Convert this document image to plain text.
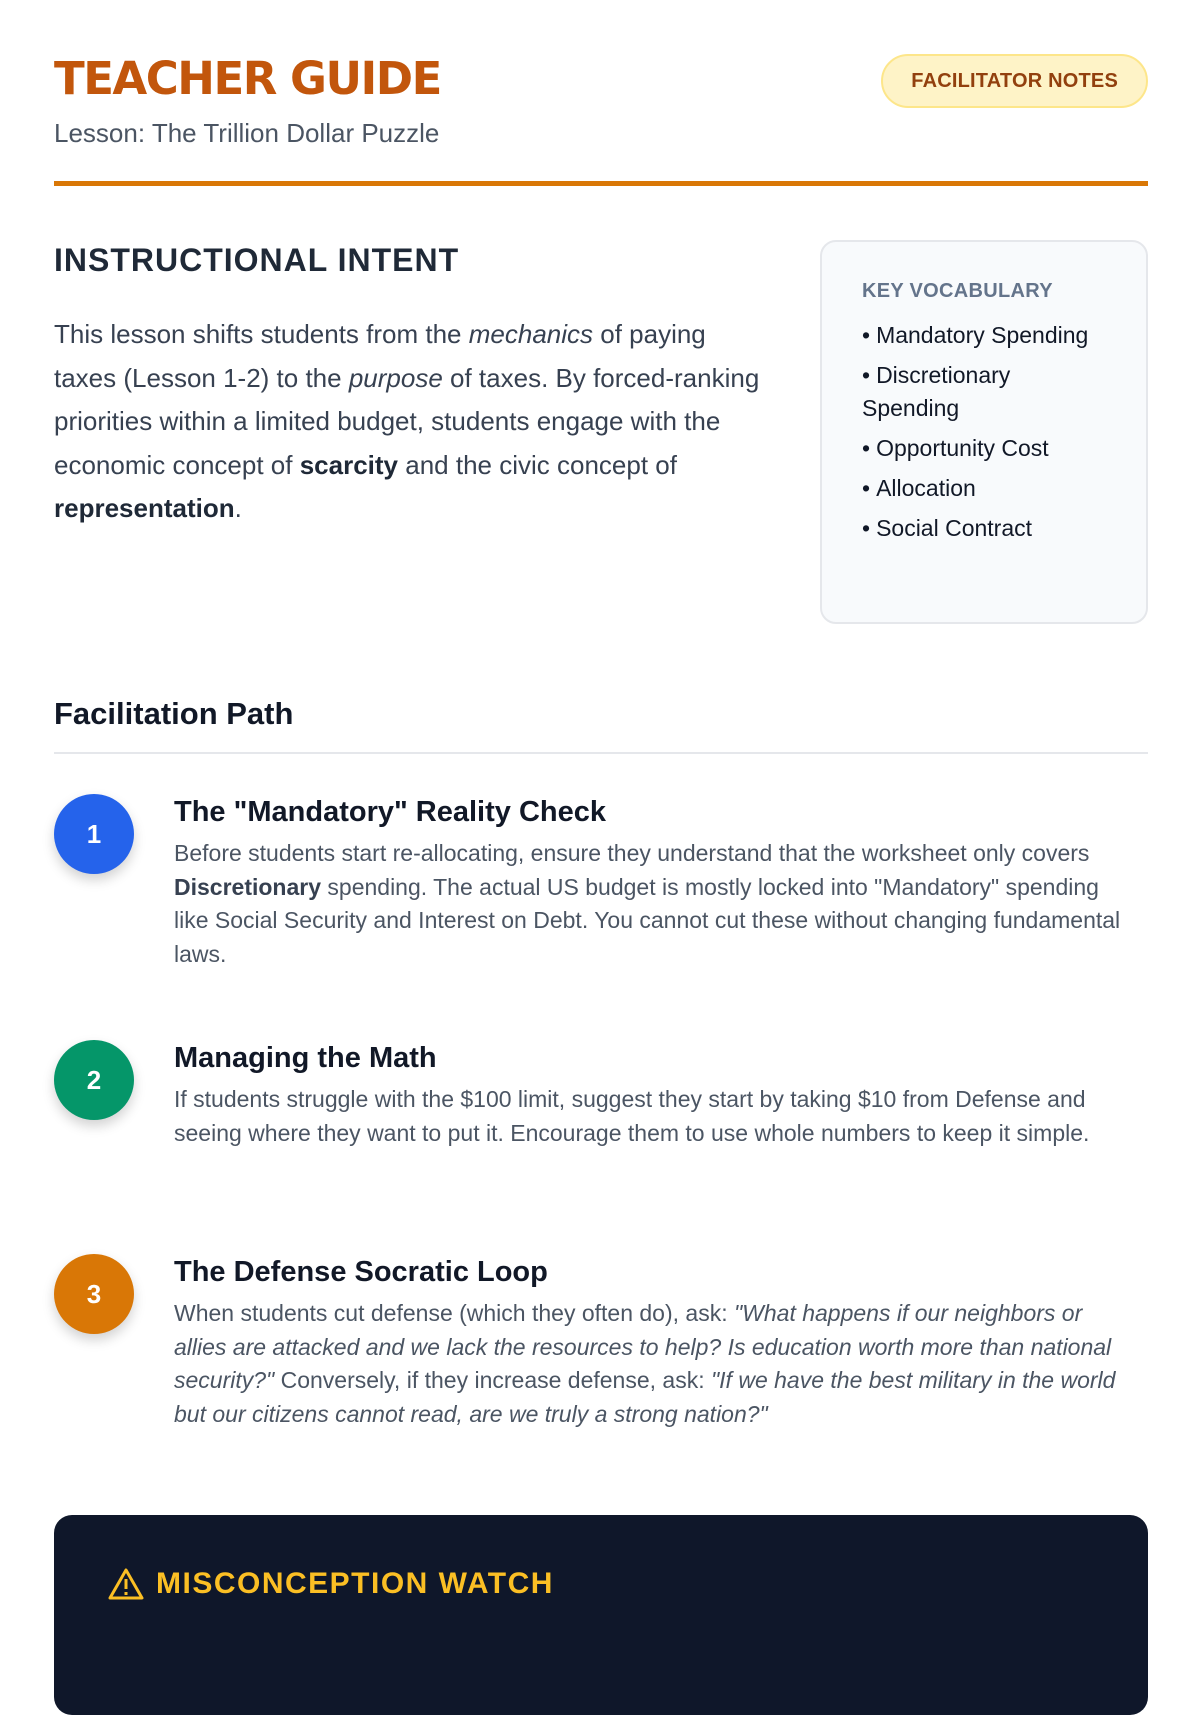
TEACHER GUIDE
Lesson: The Trillion Dollar Puzzle
FACILITATOR NOTES
INSTRUCTIONAL INTENT

This lesson shifts students from the mechanics of paying taxes (Lesson 1-2) to the purpose of taxes. By forced-ranking priorities within a limited budget, students engage with the economic concept of scarcity and the civic concept of representation.

KEY VOCABULARY
• Mandatory Spending
• Discretionary Spending
• Opportunity Cost
• Allocation
• Social Contract
Facilitation Path
1
The "Mandatory" Reality Check
Before students start re-allocating, ensure they understand that the worksheet only covers Discretionary spending. The actual US budget is mostly locked into "Mandatory" spending like Social Security and Interest on Debt. You cannot cut these without changing fundamental laws.
2
Managing the Math
If students struggle with the $100 limit, suggest they start by taking $10 from Defense and seeing where they want to put it. Encourage them to use whole numbers to keep it simple.
3
The Defense Socratic Loop
When students cut defense (which they often do), ask: "What happens if our neighbors or allies are attacked and we lack the resources to help? Is education worth more than national security?" Conversely, if they increase defense, ask: "If we have the best military in the world but our citizens cannot read, are we truly a strong nation?"
MISCONCEPTION WATCH
